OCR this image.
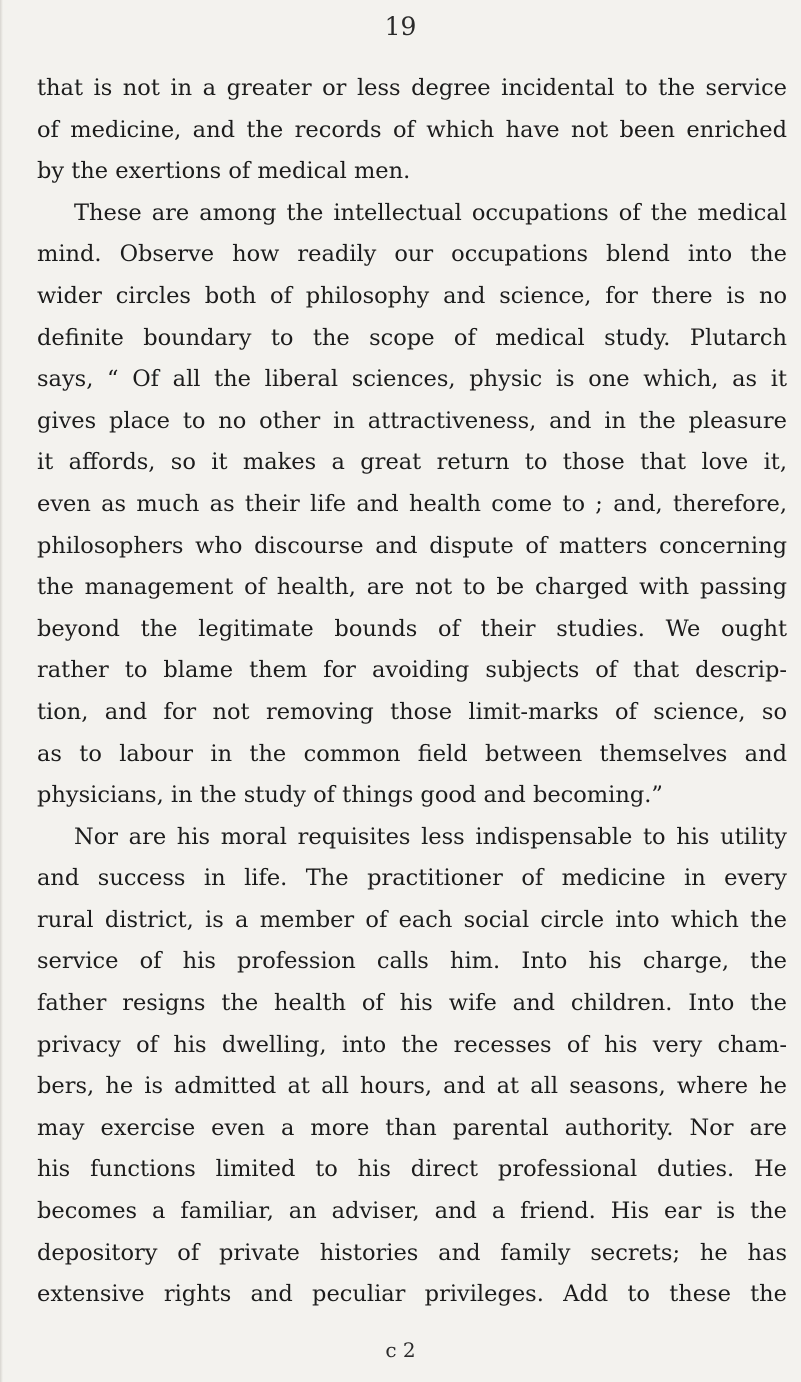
19
that is not in a greater or less degree incidental to the service
of medicine, and the records of which have not been enriched
by the exertions of medical men.
These are among the intellectual occupations of the medical
mind. Observe how readily our occupations blend into the
wider circles both of philosophy and science, for there is no
definite boundary to the scope of medical study. Plutarch
says, “ Of all the liberal sciences, physic is one which, as it
gives place to no other in attractiveness, and in the pleasure
it affords, so it makes a great return to those that love it,
even as much as their life and health come to ; and, therefore,
philosophers who discourse and dispute of matters concerning
the management of health, are not to be charged with passing
beyond the legitimate bounds of their studies. We ought
rather to blame them for avoiding subjects of that descrip-
tion, and for not removing those limit-marks of science, so
as to labour in the common field between themselves and
physicians, in the study of things good and becoming.”
Nor are his moral requisites less indispensable to his utility
and success in life. The practitioner of medicine in every
rural district, is a member of each social circle into which the
service of his profession calls him. Into his charge, the
father resigns the health of his wife and children. Into the
privacy of his dwelling, into the recesses of his very cham-
bers, he is admitted at all hours, and at all seasons, where he
may exercise even a more than parental authority. Nor are
his functions limited to his direct professional duties. He
becomes a familiar, an adviser, and a friend. His ear is the
depository of private histories and family secrets; he has
extensive rights and peculiar privileges. Add to these the
c 2
